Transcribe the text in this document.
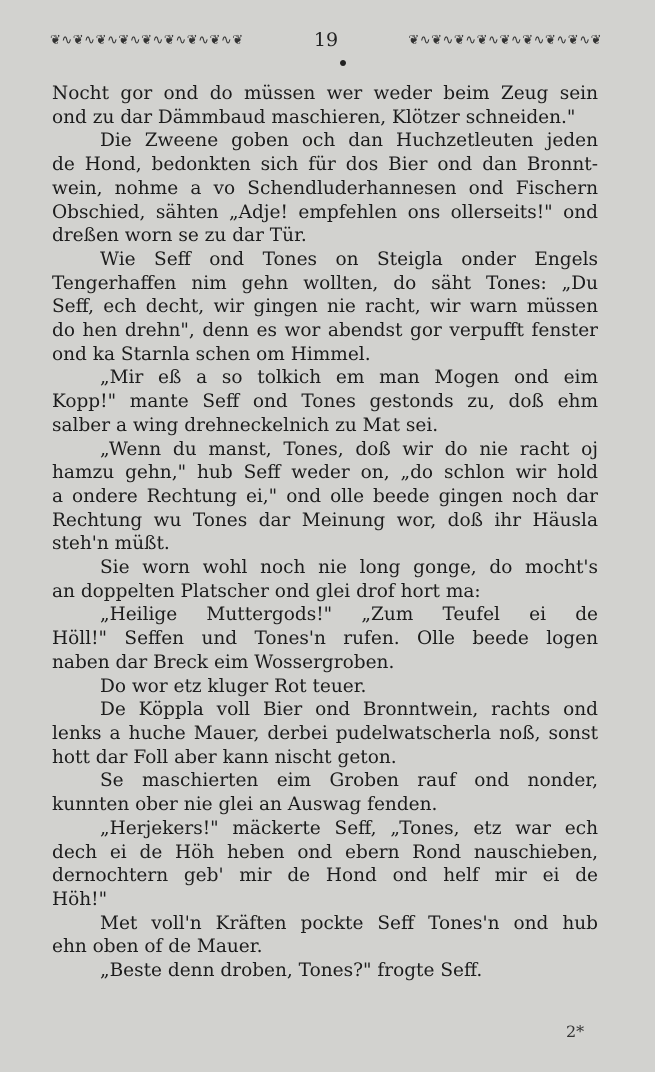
❦∿❦∿❦∿❦∿❦∿❦∿❦∿❦∿❦	19	❦∿❦∿❦∿❦∿❦∿❦∿❦∿❦∿❦

Nocht gor ond do müssen wer weder beim Zeug sein

ond zu dar Dämmbaud maschieren, Klötzer schneiden."

Die Zweene goben och dan Huchzetleuten jeden

de Hond, bedonkten sich für dos Bier ond dan Bronnt-

wein, nohme a vo Schendluderhannesen ond Fischern

Obschied, sähten „Adje! empfehlen ons ollerseits!" ond

dreßen worn se zu dar Tür.

Wie Seff ond Tones on Steigla onder Engels

Tengerhaffen nim gehn wollten, do säht Tones: „Du

Seff, ech decht, wir gingen nie racht, wir warn müssen

do hen drehn", denn es wor abendst gor verpufft fenster

ond ka Starnla schen om Himmel.

„Mir eß a so tolkich em man Mogen ond eim

Kopp!" mante Seff ond Tones gestonds zu, doß ehm

salber a wing drehneckelnich zu Mat sei.

„Wenn du manst, Tones, doß wir do nie racht oj

hamzu gehn," hub Seff weder on, „do schlon wir hold

a ondere Rechtung ei," ond olle beede gingen noch dar

Rechtung wu Tones dar Meinung wor, doß ihr Häusla

steh'n müßt.

Sie worn wohl noch nie long gonge, do mocht's

an doppelten Platscher ond glei drof hort ma:

„Heilige Muttergods!" „Zum Teufel ei de

Höll!" Seffen und Tones'n rufen. Olle beede logen

naben dar Breck eim Wossergroben.

Do wor etz kluger Rot teuer.

De Köppla voll Bier ond Bronntwein, rachts ond

lenks a huche Mauer, derbei pudelwatscherla noß, sonst

hott dar Foll aber kann nischt geton.

Se maschierten eim Groben rauf ond nonder,

kunnten ober nie glei an Auswag fenden.

„Herjekers!" mäckerte Seff, „Tones, etz war ech

dech ei de Höh heben ond ebern Rond nauschieben,

dernochtern geb' mir de Hond ond helf mir ei de

Höh!"

Met voll'n Kräften pockte Seff Tones'n ond hub

ehn oben of de Mauer.

„Beste denn droben, Tones?" frogte Seff.

2*
